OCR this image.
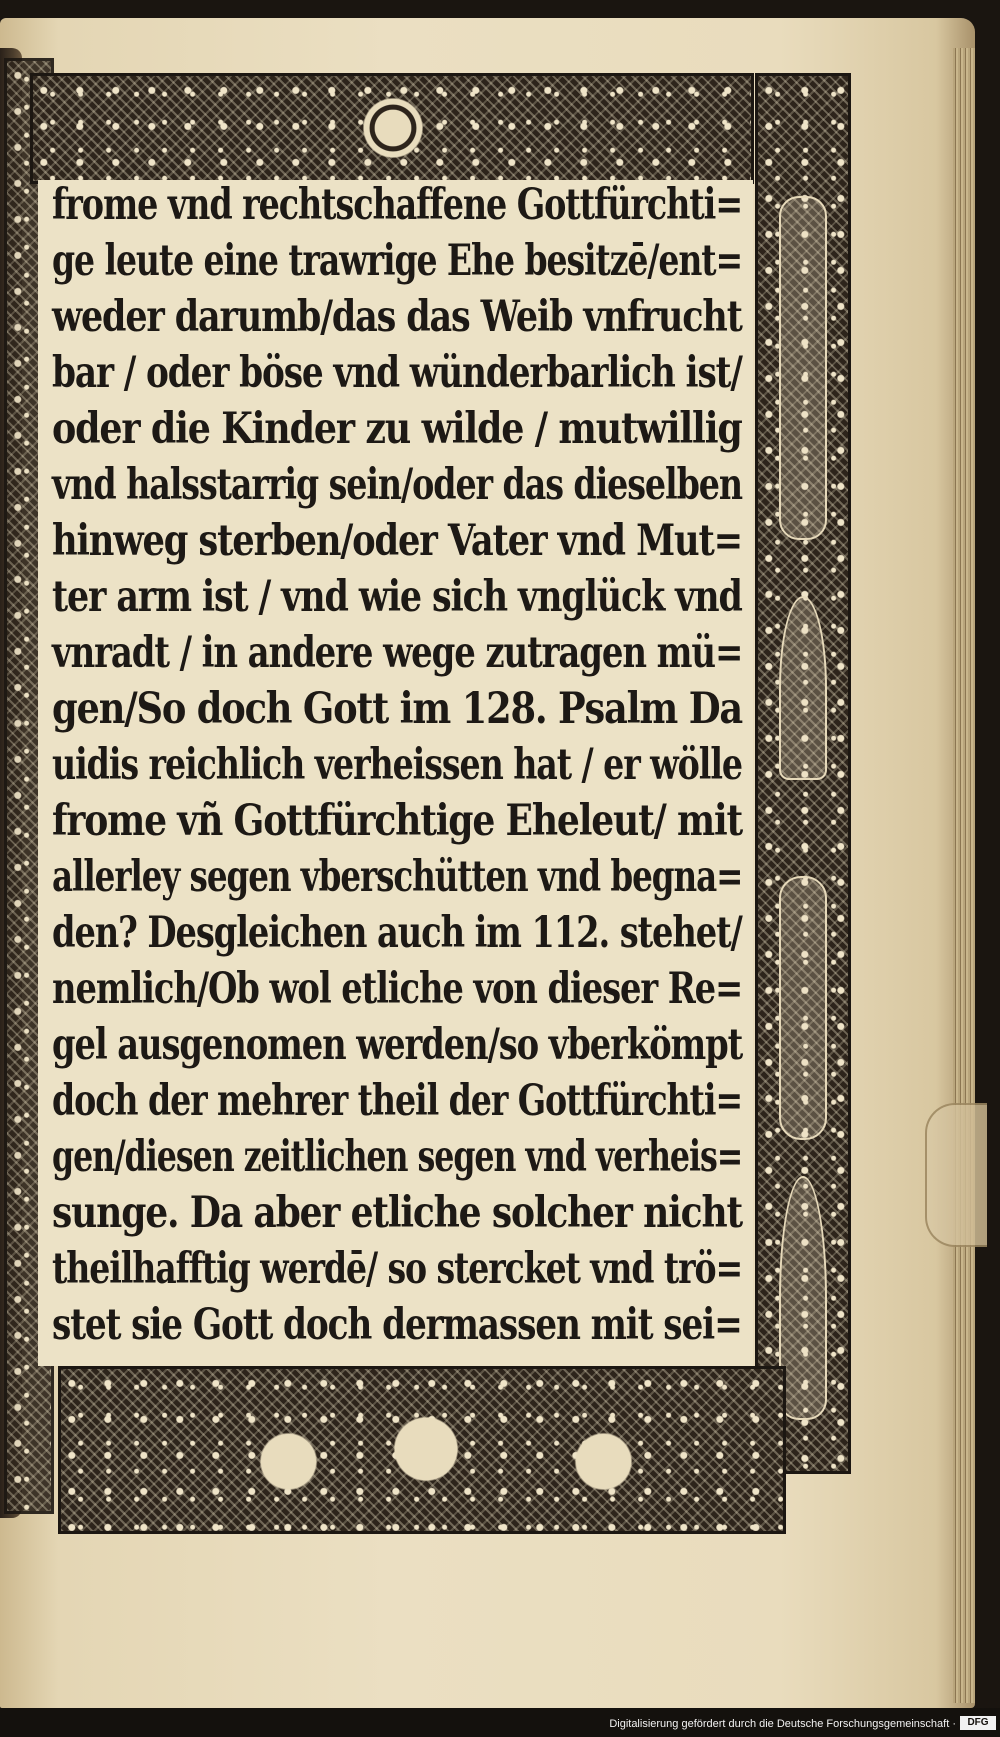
frome vnd rechtschaffene Gottfürchti=
ge leute eine trawrige Ehe besitzē/ent=
weder darumb/das das Weib vnfrucht
bar / oder böse vnd wünderbarlich ist/
oder die Kinder zu wilde / mutwillig
vnd halsstarrig sein/oder das dieselben
hinweg sterben/oder Vater vnd Mut=
ter arm ist / vnd wie sich vnglück vnd
vnradt / in andere wege zutragen mü=
gen/So doch Gott im 128. Psalm Da
uidis reichlich verheissen hat / er wölle
frome vñ Gottfürchtige Eheleut/ mit
allerley segen vberschütten vnd begna=
den? Desgleichen auch im 112. stehet/
nemlich/Ob wol etliche von dieser Re=
gel ausgenomen werden/so vberkömpt
doch der mehrer theil der Gottfürchti=
gen/diesen zeitlichen segen vnd verheis=
sunge. Da aber etliche solcher nicht
theilhafftig werdē/ so stercket vnd trö=
stet sie Gott doch dermassen mit sei=
Digitalisierung gefördert durch die Deutsche Forschungsgemeinschaft ·	DFG
